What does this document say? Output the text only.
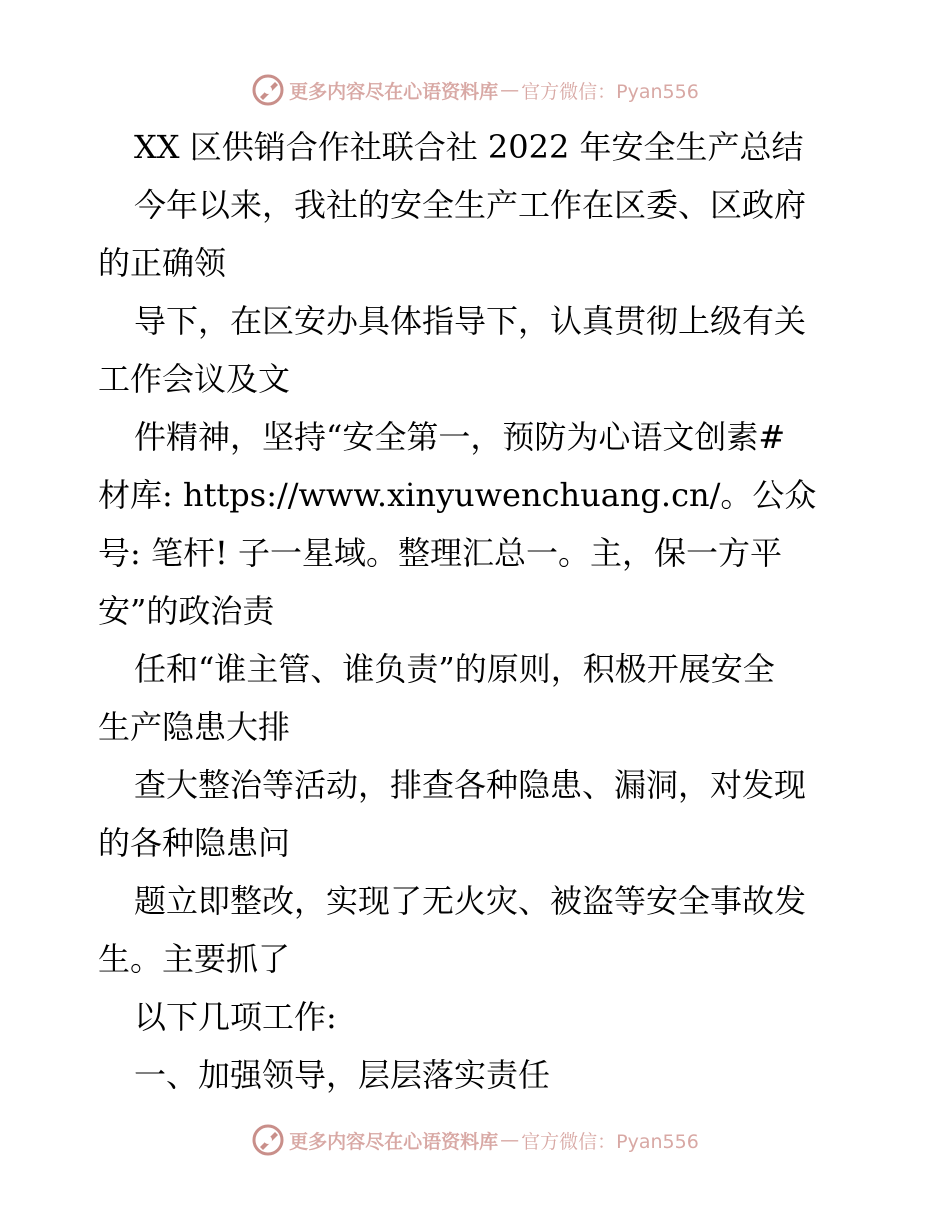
更多内容尽在心语资料库 — 官方微信：Pyan556
XX 区供销合作社联合社 2022 年安全生产总结
今年以来，我社的安全生产工作在区委、区政府
的正确领
导下，在区安办具体指导下，认真贯彻上级有关
工作会议及文
件精神，坚持“安全第一，预防为心语文创素#
材库: https://www.xinyuwenchuang.cn/。公众
号: 笔杆! 子一星域。整理汇总一。主，保一方平
安”的政治责
任和“谁主管、谁负责”的原则，积极开展安全
生产隐患大排
查大整治等活动，排查各种隐患、漏洞，对发现
的各种隐患问
题立即整改，实现了无火灾、被盗等安全事故发
生。主要抓了
以下几项工作:
一、加强领导，层层落实责任
更多内容尽在心语资料库 — 官方微信：Pyan556
